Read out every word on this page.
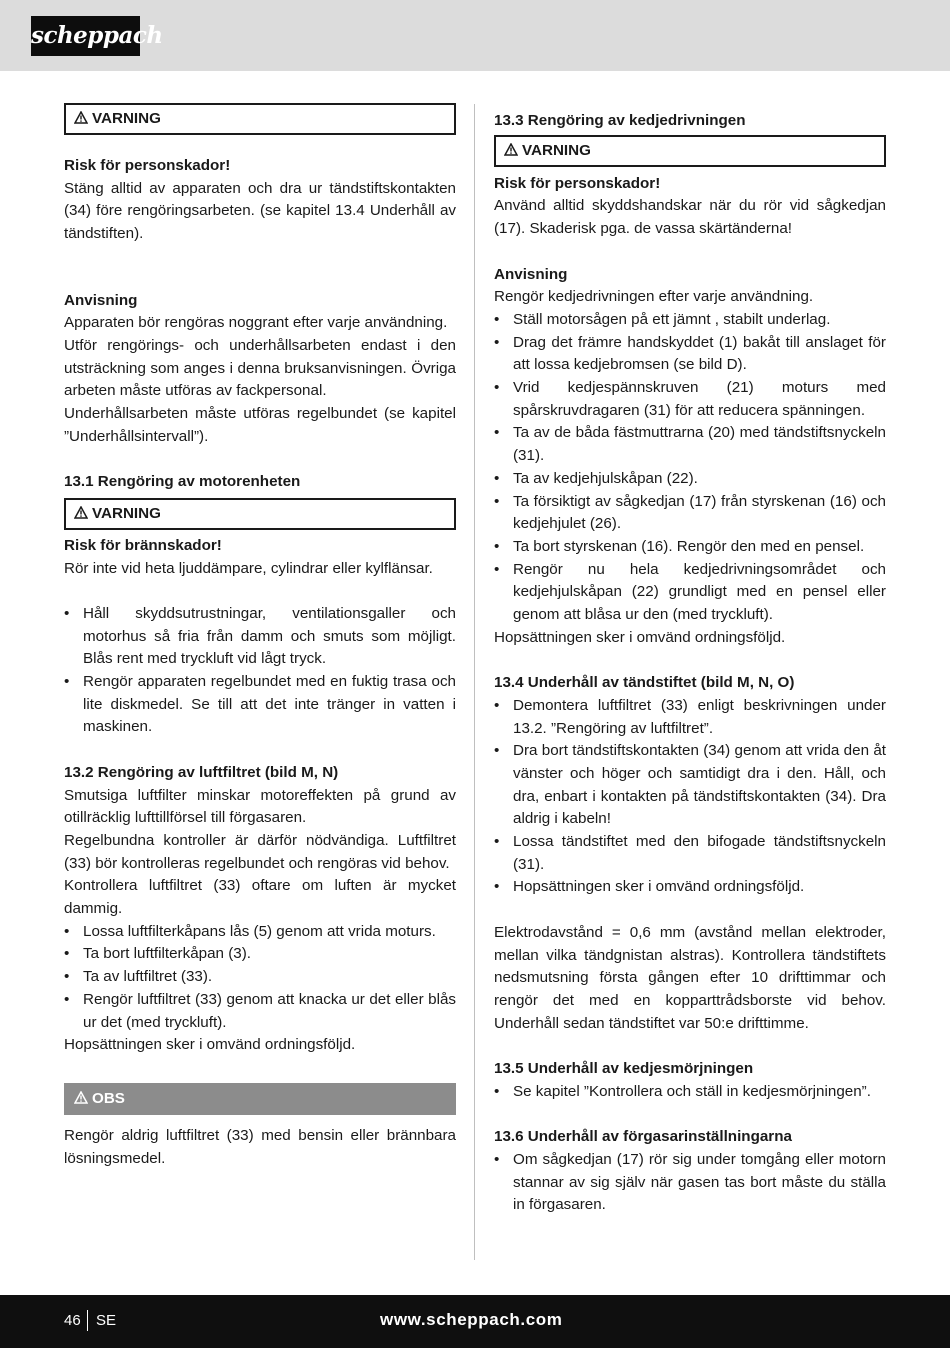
scheppach
VARNING

Risk för personskador!

Stäng alltid av apparaten och dra ur tändstiftskontakten (34) före rengöringsarbeten. (se kapitel 13.4 Underhåll av tändstiften).

Anvisning

Apparaten bör rengöras noggrant efter varje användning.

Utför rengörings- och underhållsarbeten endast i den utsträckning som anges i denna bruksanvisningen. Övriga arbeten måste utföras av fackpersonal.

Underhållsarbeten måste utföras regelbundet (se kapitel ”Underhållsintervall”).

13.1 Rengöring av motorenheten

VARNING

Risk för brännskador!

Rör inte vid heta ljuddämpare, cylindrar eller kylflänsar.

• Håll skyddsutrustningar, ventilationsgaller och motorhus så fria från damm och smuts som möjligt. Blås rent med tryckluft vid lågt tryck.
• Rengör apparaten regelbundet med en fuktig trasa och lite diskmedel. Se till att det inte tränger in vatten i maskinen.

13.2 Rengöring av luftfiltret (bild M, N)

Smutsiga luftfilter minskar motoreffekten på grund av otillräcklig lufttillförsel till förgasaren.

Regelbundna kontroller är därför nödvändiga. Luftfiltret (33) bör kontrolleras regelbundet och rengöras vid behov.

Kontrollera luftfiltret (33) oftare om luften är mycket dammig.

• Lossa luftfilterkåpans lås (5) genom att vrida moturs.
• Ta bort luftfilterkåpan (3).
• Ta av luftfiltret (33).
• Rengör luftfiltret (33) genom att knacka ur det eller blås ur det (med tryckluft).

Hopsättningen sker i omvänd ordningsföljd.

OBS

Rengör aldrig luftfiltret (33) med bensin eller brännbara lösningsmedel.

13.3 Rengöring av kedjedrivningen

VARNING

Risk för personskador!

Använd alltid skyddshandskar när du rör vid sågkedjan (17). Skaderisk pga. de vassa skärtänderna!

Anvisning

Rengör kedjedrivningen efter varje användning.

• Ställ motorsågen på ett jämnt , stabilt underlag.
• Drag det främre handskyddet (1) bakåt till anslaget för att lossa kedjebromsen (se bild D).
• Vrid kedjespännskruven (21) moturs med spårskruvdragaren (31) för att reducera spänningen.
• Ta av de båda fästmuttrarna (20) med tändstiftsnyckeln (31).
• Ta av kedjehjulskåpan (22).
• Ta försiktigt av sågkedjan (17) från styrskenan (16) och kedjehjulet (26).
• Ta bort styrskenan (16). Rengör den med en pensel.
• Rengör nu hela kedjedrivningsområdet och kedjehjulskåpan (22) grundligt med en pensel eller genom att blåsa ur den (med tryckluft).

Hopsättningen sker i omvänd ordningsföljd.

13.4 Underhåll av tändstiftet (bild M, N, O)

• Demontera luftfiltret (33) enligt beskrivningen under 13.2. ”Rengöring av luftfiltret”.
• Dra bort tändstiftskontakten (34) genom att vrida den åt vänster och höger och samtidigt dra i den. Håll, och dra, enbart i kontakten på tändstiftskontakten (34). Dra aldrig i kabeln!
• Lossa tändstiftet med den bifogade tändstiftsnyckeln (31).
• Hopsättningen sker i omvänd ordningsföljd.

Elektrodavstånd = 0,6 mm (avstånd mellan elektroder, mellan vilka tändgnistan alstras). Kontrollera tändstiftets nedsmutsning första gången efter 10 drifttimmar och rengör det med en kopparttrådsborste vid behov. Underhåll sedan tändstiftet var 50:e drifttimme.

13.5 Underhåll av kedjesmörjningen

• Se kapitel ”Kontrollera och ställ in kedjesmörjningen”.

13.6 Underhåll av förgasarinställningarna

• Om sågkedjan (17) rör sig under tomgång eller motorn stannar av sig själv när gasen tas bort måste du ställa in förgasaren.
46 SE	www.scheppach.com
